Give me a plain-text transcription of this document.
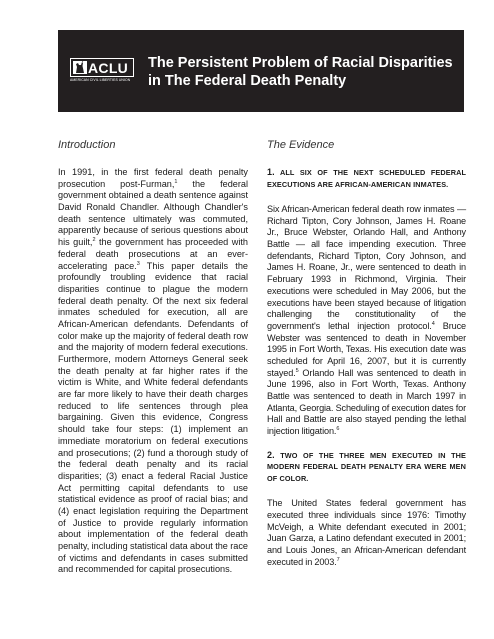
ACLU
AMERICAN CIVIL LIBERTIES UNION
The Persistent Problem of Racial Disparities in The Federal Death Penalty
Introduction

In 1991, in the first federal death penalty prosecution post-Furman,$^1$ the federal government obtained a death sentence against David Ronald Chandler. Although Chandler's death sentence ultimately was commuted, apparently because of serious questions about his guilt,$^2$ the government has proceeded with federal death prosecutions at an ever-accelerating pace.$^3$ This paper details the profoundly troubling evidence that racial disparities continue to plague the modern federal death penalty. Of the next six federal inmates scheduled for execution, all are African-American defendants. Defendants of color make up the majority of federal death row and the majority of modern federal executions. Furthermore, modern Attorneys General seek the death penalty at far higher rates if the victim is White, and White federal defendants are far more likely to have their death charges reduced to life sentences through plea bargaining. Given this evidence, Congress should take four steps: (1) implement an immediate moratorium on federal executions and prosecutions; (2) fund a thorough study of the federal death penalty and its racial disparities; (3) enact a federal Racial Justice Act permitting capital defendants to use statistical evidence as proof of racial bias; and (4) enact legislation requiring the Department of Justice to provide regularly information about implementation of the federal death penalty, including statistical data about the race of victims and defendants in cases submitted and recommended for capital prosecutions.

The Evidence
1. ALL SIX OF THE NEXT SCHEDULED FEDERAL EXECUTIONS ARE AFRICAN-AMERICAN INMATES.

Six African-American federal death row inmates — Richard Tipton, Cory Johnson, James H. Roane Jr., Bruce Webster, Orlando Hall, and Anthony Battle — all face impending execution. Three defendants, Richard Tipton, Cory Johnson, and James H. Roane, Jr., were sentenced to death in February 1993 in Richmond, Virginia. Their executions were scheduled in May 2006, but the executions have been stayed because of litigation challenging the constitutionality of the government's lethal injection protocol.$^4$ Bruce Webster was sentenced to death in November 1995 in Fort Worth, Texas. His execution date was scheduled for April 16, 2007, but it is currently stayed.$^5$ Orlando Hall was sentenced to death in June 1996, also in Fort Worth, Texas. Anthony Battle was sentenced to death in March 1997 in Atlanta, Georgia. Scheduling of execution dates for Hall and Battle are also stayed pending the lethal injection litigation.$^6$

2. TWO OF THE THREE MEN EXECUTED IN THE MODERN FEDERAL DEATH PENALTY ERA WERE MEN OF COLOR.

The United States federal government has executed three individuals since 1976: Timothy McVeigh, a White defendant executed in 2001; Juan Garza, a Latino defendant executed in 2001; and Louis Jones, an African-American defendant executed in 2003.$^7$
